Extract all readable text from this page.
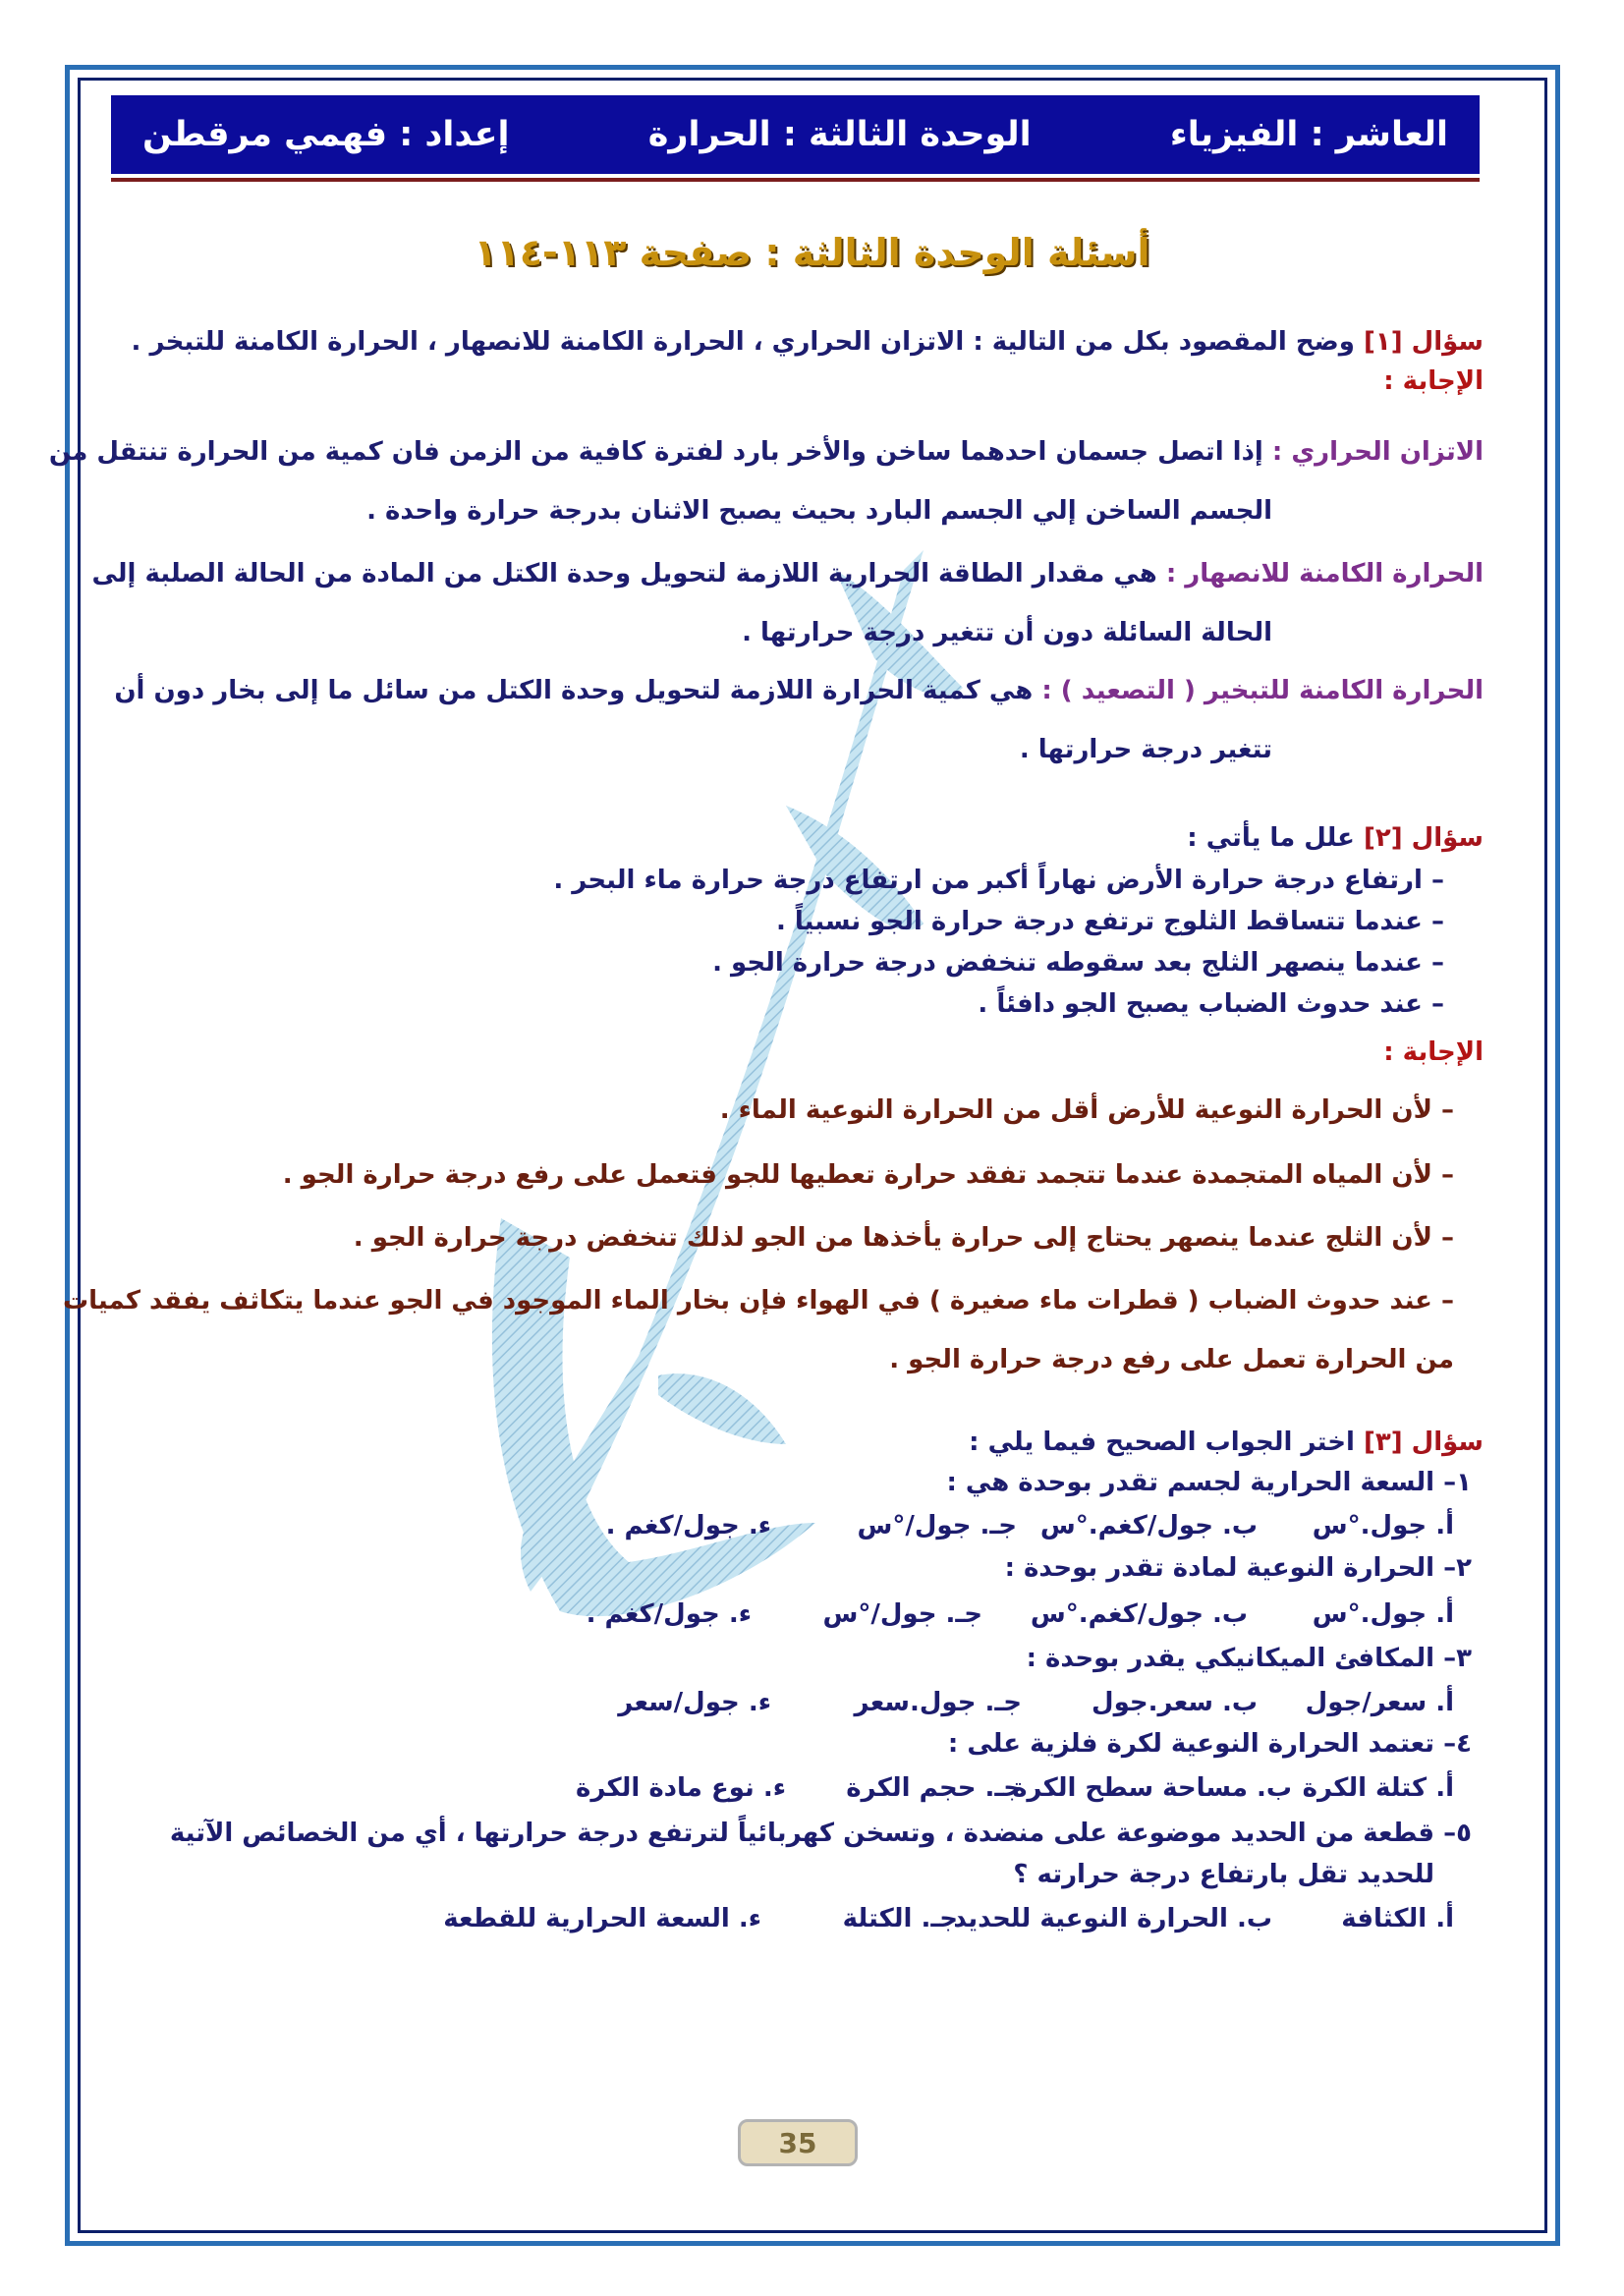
العاشر : الفيزياء
الوحدة الثالثة : الحرارة
إعداد : فهمي مرقطن
أسئلة الوحدة الثالثة : صفحة ١١٣-١١٤
سؤال [١] وضح المقصود بكل من التالية : الاتزان الحراري ، الحرارة الكامنة للانصهار ، الحرارة الكامنة للتبخر .
الإجابة :
الاتزان الحراري : إذا اتصل جسمان احدهما ساخن والأخر بارد لفترة كافية من الزمن فان كمية من الحرارة تنتقل من
الجسم الساخن إلي الجسم البارد بحيث يصبح الاثنان بدرجة حرارة واحدة .
الحرارة الكامنة للانصهار : هي مقدار الطاقة الحرارية اللازمة لتحويل وحدة الكتل من المادة من الحالة الصلبة إلى
الحالة السائلة دون أن تتغير درجة حرارتها .
الحرارة الكامنة للتبخير ( التصعيد ) : هي كمية الحرارة اللازمة لتحويل وحدة الكتل من سائل ما إلى بخار دون أن
تتغير درجة حرارتها .
سؤال [٢] علل ما يأتي :
– ارتفاع درجة حرارة الأرض نهاراً أكبر من ارتفاع درجة حرارة ماء البحر .
– عندما تتساقط الثلوج ترتفع درجة حرارة الجو نسبياً .
– عندما ينصهر الثلج بعد سقوطه تنخفض درجة حرارة الجو .
– عند حدوث الضباب يصبح الجو دافئاً .
الإجابة :
– لأن الحرارة النوعية للأرض أقل من الحرارة النوعية الماء .
– لأن المياه المتجمدة عندما تتجمد تفقد حرارة تعطيها للجو فتعمل على رفع درجة حرارة الجو .
– لأن الثلج عندما ينصهر يحتاج إلى حرارة يأخذها من الجو لذلك تنخفض درجة حرارة الجو .
– عند حدوث الضباب ( قطرات ماء صغيرة ) في الهواء فإن بخار الماء الموجود في الجو عندما يتكاثف يفقد كميات
من الحرارة تعمل على رفع درجة حرارة الجو .
سؤال [٣] اختر الجواب الصحيح فيما يلي :
١– السعة الحرارية لجسم تقدر بوحدة هي :
أ. جول.°س
ب. جول/كغم.°س
جـ. جول/°س
ء. جول/كغم .
٢– الحرارة النوعية لمادة تقدر بوحدة :
أ. جول.°س
ب. جول/كغم.°س
جـ. جول/°س
ء. جول/كغم .
٣– المكافئ الميكانيكي يقدر بوحدة :
أ. سعر/جول
ب. سعر.جول
جـ. جول.سعر
ء. جول/سعر
٤– تعتمد الحرارة النوعية لكرة فلزية على :
أ. كتلة الكرة
ب. مساحة سطح الكرة
جـ. حجم الكرة
ء. نوع مادة الكرة
٥– قطعة من الحديد موضوعة على منضدة ، وتسخن كهربائياً لترتفع درجة حرارتها ، أي من الخصائص الآتية
للحديد تقل بارتفاع درجة حرارته ؟
أ. الكثافة
ب. الحرارة النوعية للحديد
جـ. الكتلة
ء. السعة الحرارية للقطعة
35
